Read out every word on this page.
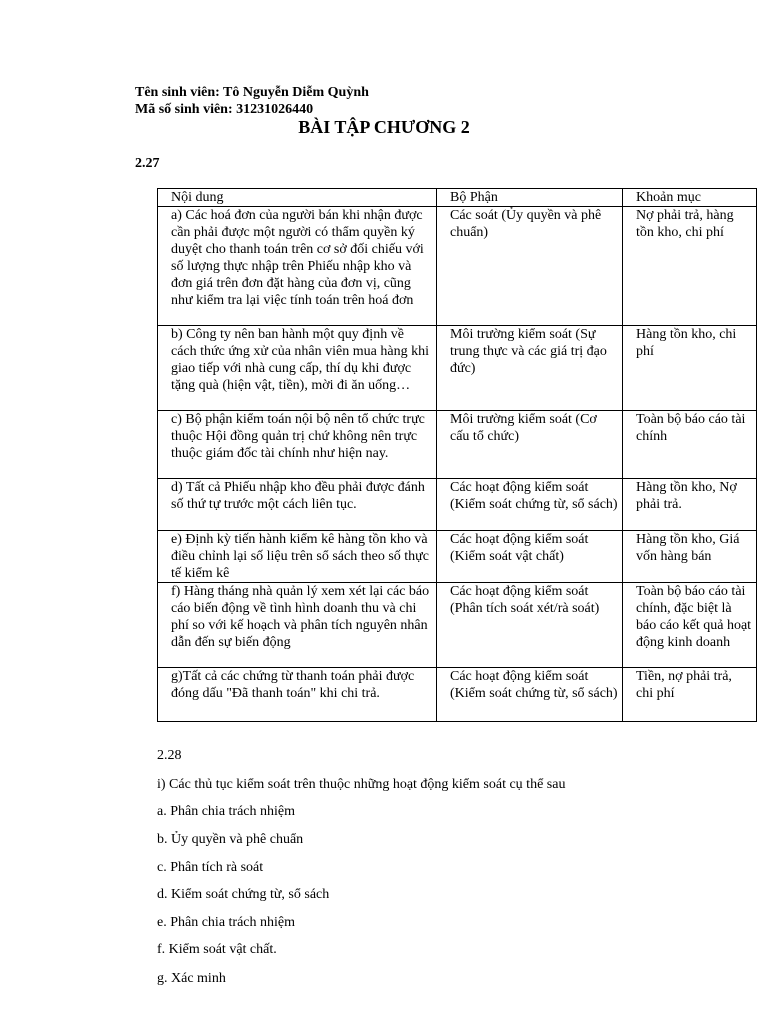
Tên sinh viên: Tô Nguyễn Diễm Quỳnh
Mã số sinh viên: 31231026440
BÀI TẬP CHƯƠNG 2
2.27
Nội dung	Bộ Phận	Khoản mục
a) Các hoá đơn của người bán khi nhận được cần phải được một người có thẩm quyền ký duyệt cho thanh toán trên cơ sở đối chiếu với số lượng thực nhập trên Phiếu nhập kho và đơn giá trên đơn đặt hàng của đơn vị, cũng như kiểm tra lại việc tính toán trên hoá đơn	Các soát (Ủy quyền và phê chuẩn)	Nợ phải trả, hàng tồn kho, chi phí
b) Công ty nên ban hành một quy định về cách thức ứng xử của nhân viên mua hàng khi giao tiếp với nhà cung cấp, thí dụ khi được tặng quà (hiện vật, tiền), mời đi ăn uống…	Môi trường kiểm soát (Sự trung thực và các giá trị đạo đức)	Hàng tồn kho, chi phí
c) Bộ phận kiểm toán nội bộ nên tổ chức trực thuộc Hội đồng quản trị chứ không nên trực thuộc giám đốc tài chính như hiện nay.	Môi trường kiểm soát (Cơ cấu tổ chức)	Toàn bộ báo cáo tài chính
d) Tất cả Phiếu nhập kho đều phải được đánh số thứ tự trước một cách liên tục.	Các hoạt động kiểm soát (Kiểm soát chứng từ, sổ sách)	Hàng tồn kho, Nợ phải trả.
e) Định kỳ tiến hành kiểm kê hàng tồn kho và điều chỉnh lại số liệu trên sổ sách theo số thực tế kiểm kê	Các hoạt động kiểm soát (Kiểm soát vật chất)	Hàng tồn kho, Giá vốn hàng bán
f) Hàng tháng nhà quản lý xem xét lại các báo cáo biến động về tình hình doanh thu và chi phí so với kế hoạch và phân tích nguyên nhân dẫn đến sự biến động	Các hoạt động kiểm soát (Phân tích soát xét/rà soát)	Toàn bộ báo cáo tài chính, đặc biệt là báo cáo kết quả hoạt động kinh doanh
g)Tất cả các chứng từ thanh toán phải được đóng dấu "Đã thanh toán" khi chi trả.	Các hoạt động kiểm soát (Kiểm soát chứng từ, sổ sách)	Tiền, nợ phải trả, chi phí
2.28
i) Các thủ tục kiểm soát trên thuộc những hoạt động kiểm soát cụ thể sau
a. Phân chia trách nhiệm
b. Ủy quyền và phê chuẩn
c. Phân tích rà soát
d. Kiểm soát chứng từ, sổ sách
e. Phân chia trách nhiệm
f. Kiểm soát vật chất.
g. Xác minh
